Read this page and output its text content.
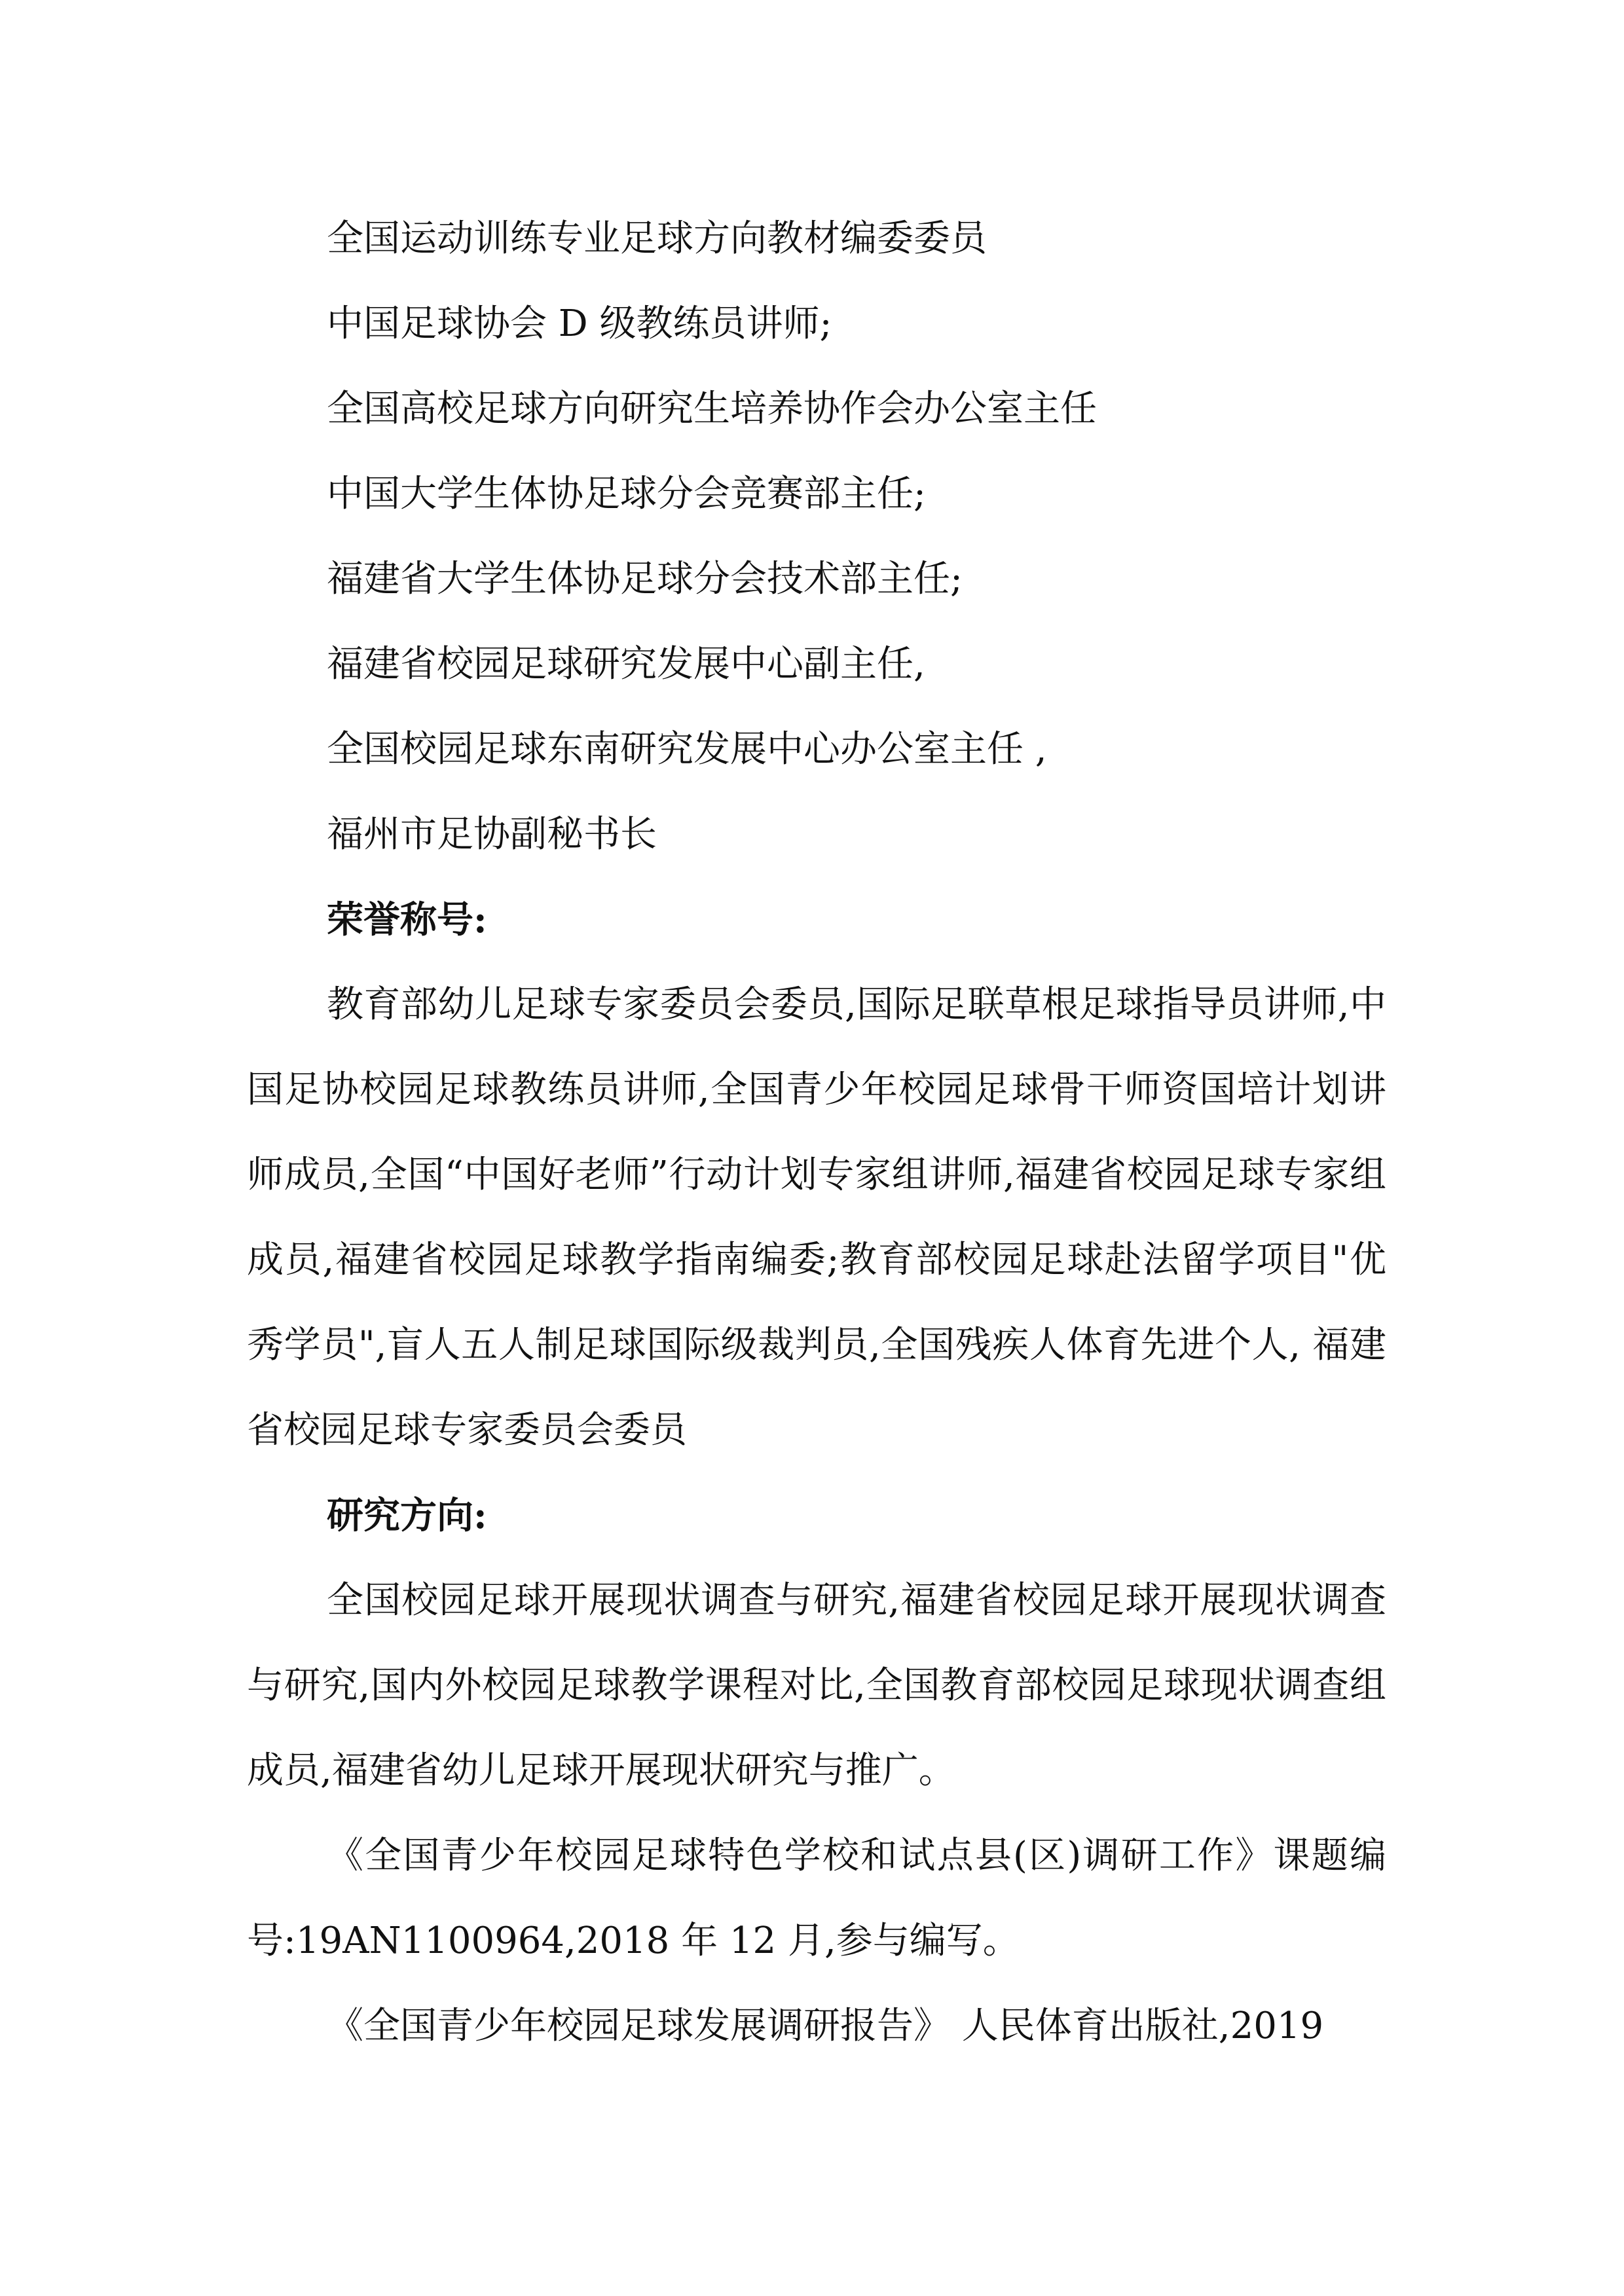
全国运动训练专业足球方向教材编委委员

中国足球协会 D 级教练员讲师;

全国高校足球方向研究生培养协作会办公室主任

中国大学生体协足球分会竞赛部主任;

福建省大学生体协足球分会技术部主任;

福建省校园足球研究发展中心副主任,

全国校园足球东南研究发展中心办公室主任 ,

福州市足协副秘书长

荣誉称号:

教育部幼儿足球专家委员会委员,国际足联草根足球指导员讲师,中国足协校园足球教练员讲师,全国青少年校园足球骨干师资国培计划讲师成员,全国“中国好老师”行动计划专家组讲师,福建省校园足球专家组成员,福建省校园足球教学指南编委;教育部校园足球赴法留学项目"优秀学员",盲人五人制足球国际级裁判员,全国残疾人体育先进个人, 福建省校园足球专家委员会委员

研究方向:

全国校园足球开展现状调查与研究,福建省校园足球开展现状调查与研究,国内外校园足球教学课程对比,全国教育部校园足球现状调查组成员,福建省幼儿足球开展现状研究与推广。

《全国青少年校园足球特色学校和试点县(区)调研工作》课题编号:19AN1100964,2018 年 12 月,参与编写。

《全国青少年校园足球发展调研报告》 人民体育出版社,2019
